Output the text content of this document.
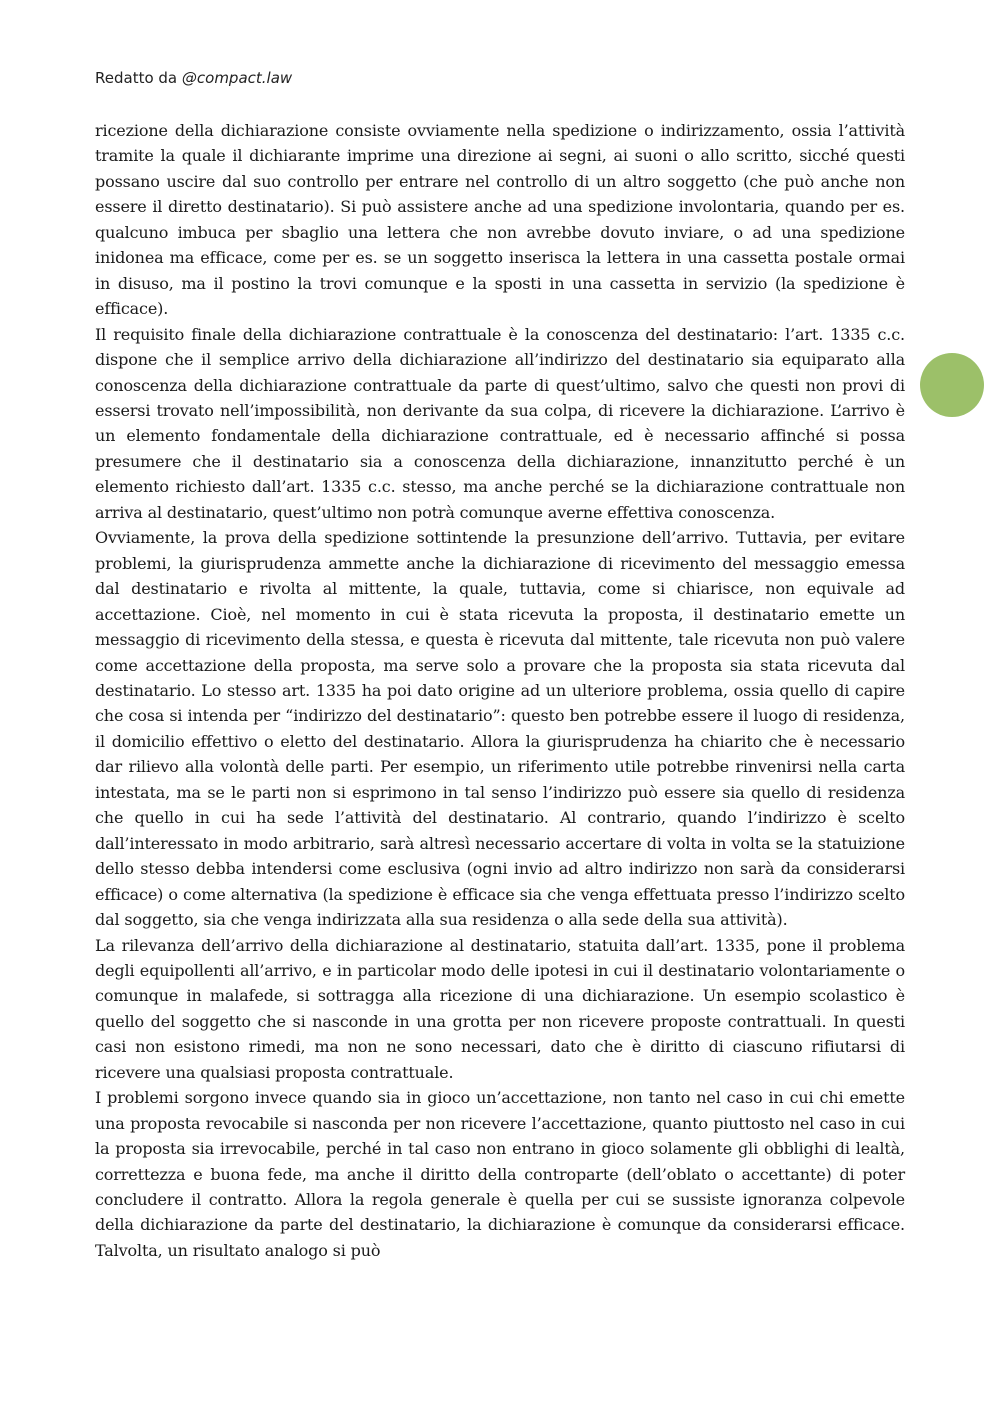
Redatto da @compact.law

ricezione della dichiarazione consiste ovviamente nella spedizione o indirizzamento, ossia l’attività tramite la quale il dichiarante imprime una direzione ai segni, ai suoni o allo scritto, sicché questi possano uscire dal suo controllo per entrare nel controllo di un altro soggetto (che può anche non essere il diretto destinatario). Si può assistere anche ad una spedizione involontaria, quando per es. qualcuno imbuca per sbaglio una lettera che non avrebbe dovuto inviare, o ad una spedizione inidonea ma efficace, come per es. se un soggetto inserisca la lettera in una cassetta postale ormai in disuso, ma il postino la trovi comunque e la sposti in una cassetta in servizio (la spedizione è efficace).

Il requisito finale della dichiarazione contrattuale è la conoscenza del destinatario: l’art. 1335 c.c. dispone che il semplice arrivo della dichiarazione all’indirizzo del destinatario sia equiparato alla conoscenza della dichiarazione contrattuale da parte di quest’ultimo, salvo che questi non provi di essersi trovato nell’impossibilità, non derivante da sua colpa, di ricevere la dichiarazione. L’arrivo è un elemento fondamentale della dichiarazione contrattuale, ed è necessario affinché si possa presumere che il destinatario sia a conoscenza della dichiarazione, innanzitutto perché è un elemento richiesto dall’art. 1335 c.c. stesso, ma anche perché se la dichiarazione contrattuale non arriva al destinatario, quest’ultimo non potrà comunque averne effettiva conoscenza.

Ovviamente, la prova della spedizione sottintende la presunzione dell’arrivo. Tuttavia, per evitare problemi, la giurisprudenza ammette anche la dichiarazione di ricevimento del messaggio emessa dal destinatario e rivolta al mittente, la quale, tuttavia, come si chiarisce, non equivale ad accettazione. Cioè, nel momento in cui è stata ricevuta la proposta, il destinatario emette un messaggio di ricevimento della stessa, e questa è ricevuta dal mittente, tale ricevuta non può valere come accettazione della proposta, ma serve solo a provare che la proposta sia stata ricevuta dal destinatario. Lo stesso art. 1335 ha poi dato origine ad un ulteriore problema, ossia quello di capire che cosa si intenda per “indirizzo del destinatario”: questo ben potrebbe essere il luogo di residenza, il domicilio effettivo o eletto del destinatario. Allora la giurisprudenza ha chiarito che è necessario dar rilievo alla volontà delle parti. Per esempio, un riferimento utile potrebbe rinvenirsi nella carta intestata, ma se le parti non si esprimono in tal senso l’indirizzo può essere sia quello di residenza che quello in cui ha sede l’attività del destinatario. Al contrario, quando l’indirizzo è scelto dall’interessato in modo arbitrario, sarà altresì necessario accertare di volta in volta se la statuizione dello stesso debba intendersi come esclusiva (ogni invio ad altro indirizzo non sarà da considerarsi efficace) o come alternativa (la spedizione è efficace sia che venga effettuata presso l’indirizzo scelto dal soggetto, sia che venga indirizzata alla sua residenza o alla sede della sua attività).

La rilevanza dell’arrivo della dichiarazione al destinatario, statuita dall’art. 1335, pone il problema degli equipollenti all’arrivo, e in particolar modo delle ipotesi in cui il destinatario volontariamente o comunque in malafede, si sottragga alla ricezione di una dichiarazione. Un esempio scolastico è quello del soggetto che si nasconde in una grotta per non ricevere proposte contrattuali. In questi casi non esistono rimedi, ma non ne sono necessari, dato che è diritto di ciascuno rifiutarsi di ricevere una qualsiasi proposta contrattuale.

I problemi sorgono invece quando sia in gioco un’accettazione, non tanto nel caso in cui chi emette una proposta revocabile si nasconda per non ricevere l’accettazione, quanto piuttosto nel caso in cui la proposta sia irrevocabile, perché in tal caso non entrano in gioco solamente gli obblighi di lealtà, correttezza e buona fede, ma anche il diritto della controparte (dell’oblato o accettante) di poter concludere il contratto. Allora la regola generale è quella per cui se sussiste ignoranza colpevole della dichiarazione da parte del destinatario, la dichiarazione è comunque da considerarsi efficace. Talvolta, un risultato analogo si può
